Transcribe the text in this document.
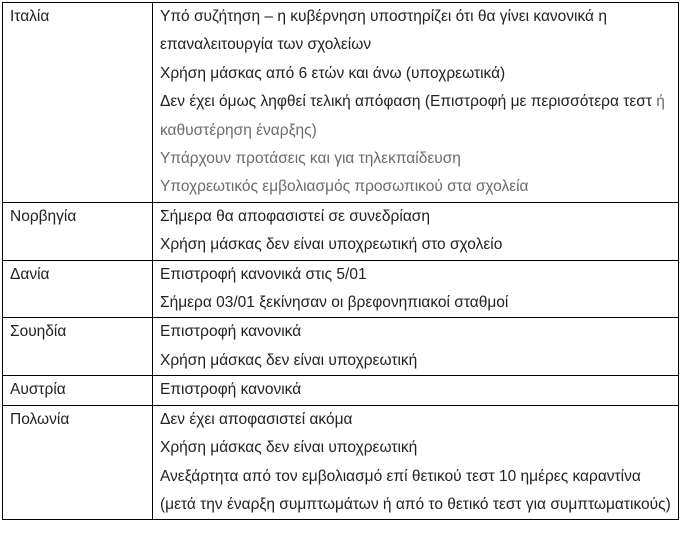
Ιταλία	Υπό συζήτηση – η κυβέρνηση υποστηρίζει ότι θα γίνει κανονικά η επαναλειτουργία των σχολείων
Χρήση μάσκας από 6 ετών και άνω (υποχρεωτικά)
Δεν έχει όμως ληφθεί τελική απόφαση (Επιστροφή με περισσότερα τεστ ή καθυστέρηση έναρξης)
Υπάρχουν προτάσεις και για τηλεκπαίδευση
Υποχρεωτικός εμβολιασμός προσωπικού στα σχολεία

Νορβηγία	Σήμερα θα αποφασιστεί σε συνεδρίαση
Χρήση μάσκας δεν είναι υποχρεωτική στο σχολείο

Δανία	Επιστροφή κανονικά στις 5/01
Σήμερα 03/01 ξεκίνησαν οι βρεφονηπιακοί σταθμοί

Σουηδία	Επιστροφή κανονικά
Χρήση μάσκας δεν είναι υποχρεωτική

Αυστρία	Επιστροφή κανονικά

Πολωνία	Δεν έχει αποφασιστεί ακόμα
Χρήση μάσκας δεν είναι υποχρεωτική
Ανεξάρτητα από τον εμβολιασμό επί θετικού τεστ 10 ημέρες καραντίνα (μετά την έναρξη συμπτωμάτων ή από το θετικό τεστ για συμπτωματικούς)
